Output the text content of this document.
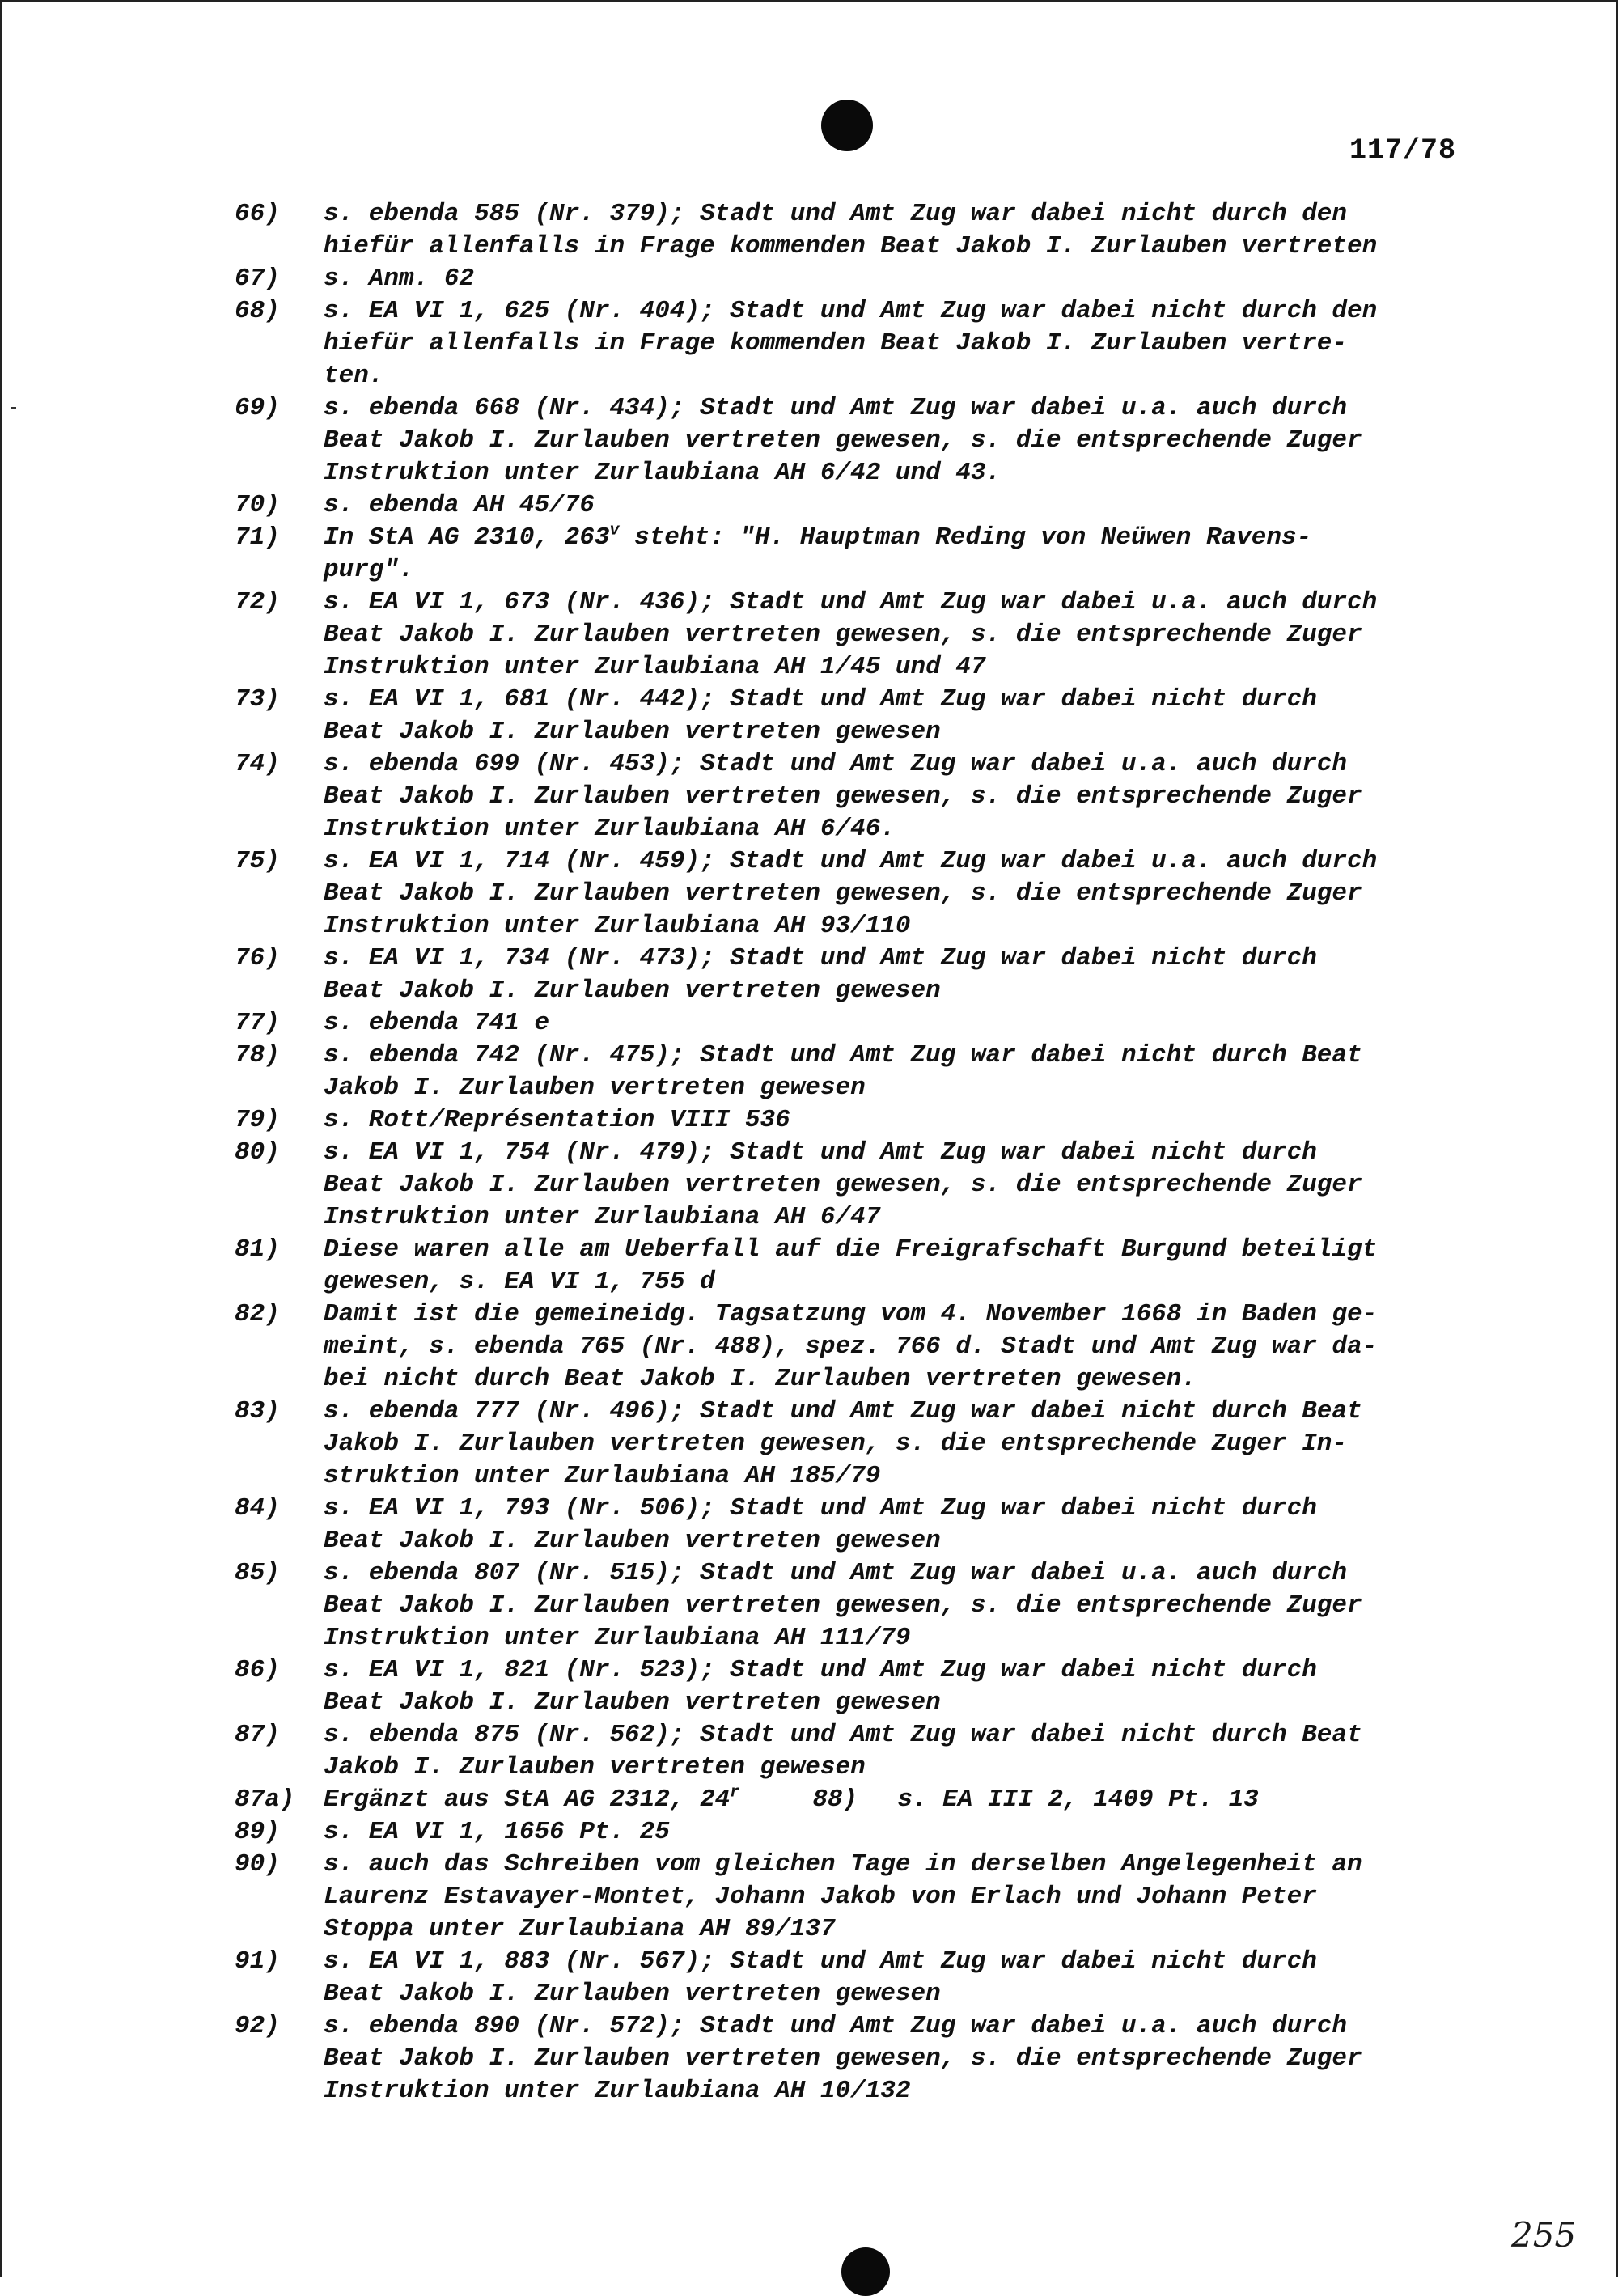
117/78
66)	s. ebenda 585 (Nr. 379); Stadt und Amt Zug war dabei nicht durch den
hiefür allenfalls in Frage kommenden Beat Jakob I. Zurlauben vertreten
67)	s. Anm. 62
68)	s. EA VI 1, 625 (Nr. 404); Stadt und Amt Zug war dabei nicht durch den
hiefür allenfalls in Frage kommenden Beat Jakob I. Zurlauben vertre-
ten.
69)	s. ebenda 668 (Nr. 434); Stadt und Amt Zug war dabei u.a. auch durch
Beat Jakob I. Zurlauben vertreten gewesen, s. die entsprechende Zuger
Instruktion unter Zurlaubiana AH 6/42 und 43.
70)	s. ebenda AH 45/76
71)	In StA AG 2310, 263$^v$ steht: "H. Hauptman Reding von Neüwen Ravens-
purg".
72)	s. EA VI 1, 673 (Nr. 436); Stadt und Amt Zug war dabei u.a. auch durch
Beat Jakob I. Zurlauben vertreten gewesen, s. die entsprechende Zuger
Instruktion unter Zurlaubiana AH 1/45 und 47
73)	s. EA VI 1, 681 (Nr. 442); Stadt und Amt Zug war dabei nicht durch
Beat Jakob I. Zurlauben vertreten gewesen
74)	s. ebenda 699 (Nr. 453); Stadt und Amt Zug war dabei u.a. auch durch
Beat Jakob I. Zurlauben vertreten gewesen, s. die entsprechende Zuger
Instruktion unter Zurlaubiana AH 6/46.
75)	s. EA VI 1, 714 (Nr. 459); Stadt und Amt Zug war dabei u.a. auch durch
Beat Jakob I. Zurlauben vertreten gewesen, s. die entsprechende Zuger
Instruktion unter Zurlaubiana AH 93/110
76)	s. EA VI 1, 734 (Nr. 473); Stadt und Amt Zug war dabei nicht durch
Beat Jakob I. Zurlauben vertreten gewesen
77)	s. ebenda 741 e
78)	s. ebenda 742 (Nr. 475); Stadt und Amt Zug war dabei nicht durch Beat
Jakob I. Zurlauben vertreten gewesen
79)	s. Rott/Représentation VIII 536
80)	s. EA VI 1, 754 (Nr. 479); Stadt und Amt Zug war dabei nicht durch
Beat Jakob I. Zurlauben vertreten gewesen, s. die entsprechende Zuger
Instruktion unter Zurlaubiana AH 6/47
81)	Diese waren alle am Ueberfall auf die Freigrafschaft Burgund beteiligt
gewesen, s. EA VI 1, 755 d
82)	Damit ist die gemeineidg. Tagsatzung vom 4. November 1668 in Baden ge-
meint, s. ebenda 765 (Nr. 488), spez. 766 d. Stadt und Amt Zug war da-
bei nicht durch Beat Jakob I. Zurlauben vertreten gewesen.
83)	s. ebenda 777 (Nr. 496); Stadt und Amt Zug war dabei nicht durch Beat
Jakob I. Zurlauben vertreten gewesen, s. die entsprechende Zuger In-
struktion unter Zurlaubiana AH 185/79
84)	s. EA VI 1, 793 (Nr. 506); Stadt und Amt Zug war dabei nicht durch
Beat Jakob I. Zurlauben vertreten gewesen
85)	s. ebenda 807 (Nr. 515); Stadt und Amt Zug war dabei u.a. auch durch
Beat Jakob I. Zurlauben vertreten gewesen, s. die entsprechende Zuger
Instruktion unter Zurlaubiana AH 111/79
86)	s. EA VI 1, 821 (Nr. 523); Stadt und Amt Zug war dabei nicht durch
Beat Jakob I. Zurlauben vertreten gewesen
87)	s. ebenda 875 (Nr. 562); Stadt und Amt Zug war dabei nicht durch Beat
Jakob I. Zurlauben vertreten gewesen
87a)	Ergänzt aus StA AG 2312, 24$^r$	88)	s. EA III 2, 1409 Pt. 13
89)	s. EA VI 1, 1656 Pt. 25
90)	s. auch das Schreiben vom gleichen Tage in derselben Angelegenheit an
Laurenz Estavayer-Montet, Johann Jakob von Erlach und Johann Peter
Stoppa unter Zurlaubiana AH 89/137
91)	s. EA VI 1, 883 (Nr. 567); Stadt und Amt Zug war dabei nicht durch
Beat Jakob I. Zurlauben vertreten gewesen
92)	s. ebenda 890 (Nr. 572); Stadt und Amt Zug war dabei u.a. auch durch
Beat Jakob I. Zurlauben vertreten gewesen, s. die entsprechende Zuger
Instruktion unter Zurlaubiana AH 10/132
255
